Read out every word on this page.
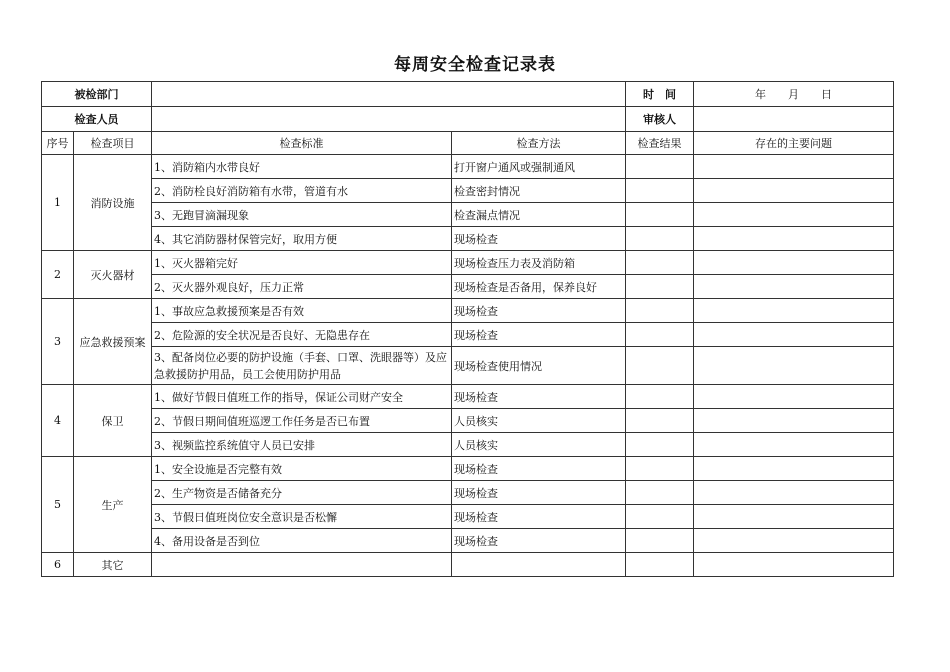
每周安全检查记录表
被检部门				时　间	年　　月　　日
检查人员				审核人	
序号	检查项目	检查标准	检查方法	检查结果	存在的主要问题
1	消防设施	1、消防箱内水带良好	打开窗户通风或强制通风		
		2、消防栓良好消防箱有水带，管道有水	检查密封情况		
		3、无跑冒滴漏现象	检查漏点情况		
		4、其它消防器材保管完好，取用方便	现场检查		
2	灭火器材	1、灭火器箱完好	现场检查压力表及消防箱		
		2、灭火器外观良好，压力正常	现场检查是否备用，保养良好		
3	应急救援预案	1、事故应急救援预案是否有效	现场检查		
		2、危险源的安全状况是否良好、无隐患存在	现场检查		
		3、配备岗位必要的防护设施（手套、口罩、洗眼器等）及应急救援防护用品，员工会使用防护用品	现场检查使用情况		
4	保卫	1、做好节假日值班工作的指导，保证公司财产安全	现场检查		
		2、节假日期间值班巡逻工作任务是否已布置	人员核实		
		3、视频监控系统值守人员已安排	人员核实		
5	生产	1、安全设施是否完整有效	现场检查		
		2、生产物资是否储备充分	现场检查		
		3、节假日值班岗位安全意识是否松懈	现场检查		
		4、备用设备是否到位	现场检查		
6	其它				
